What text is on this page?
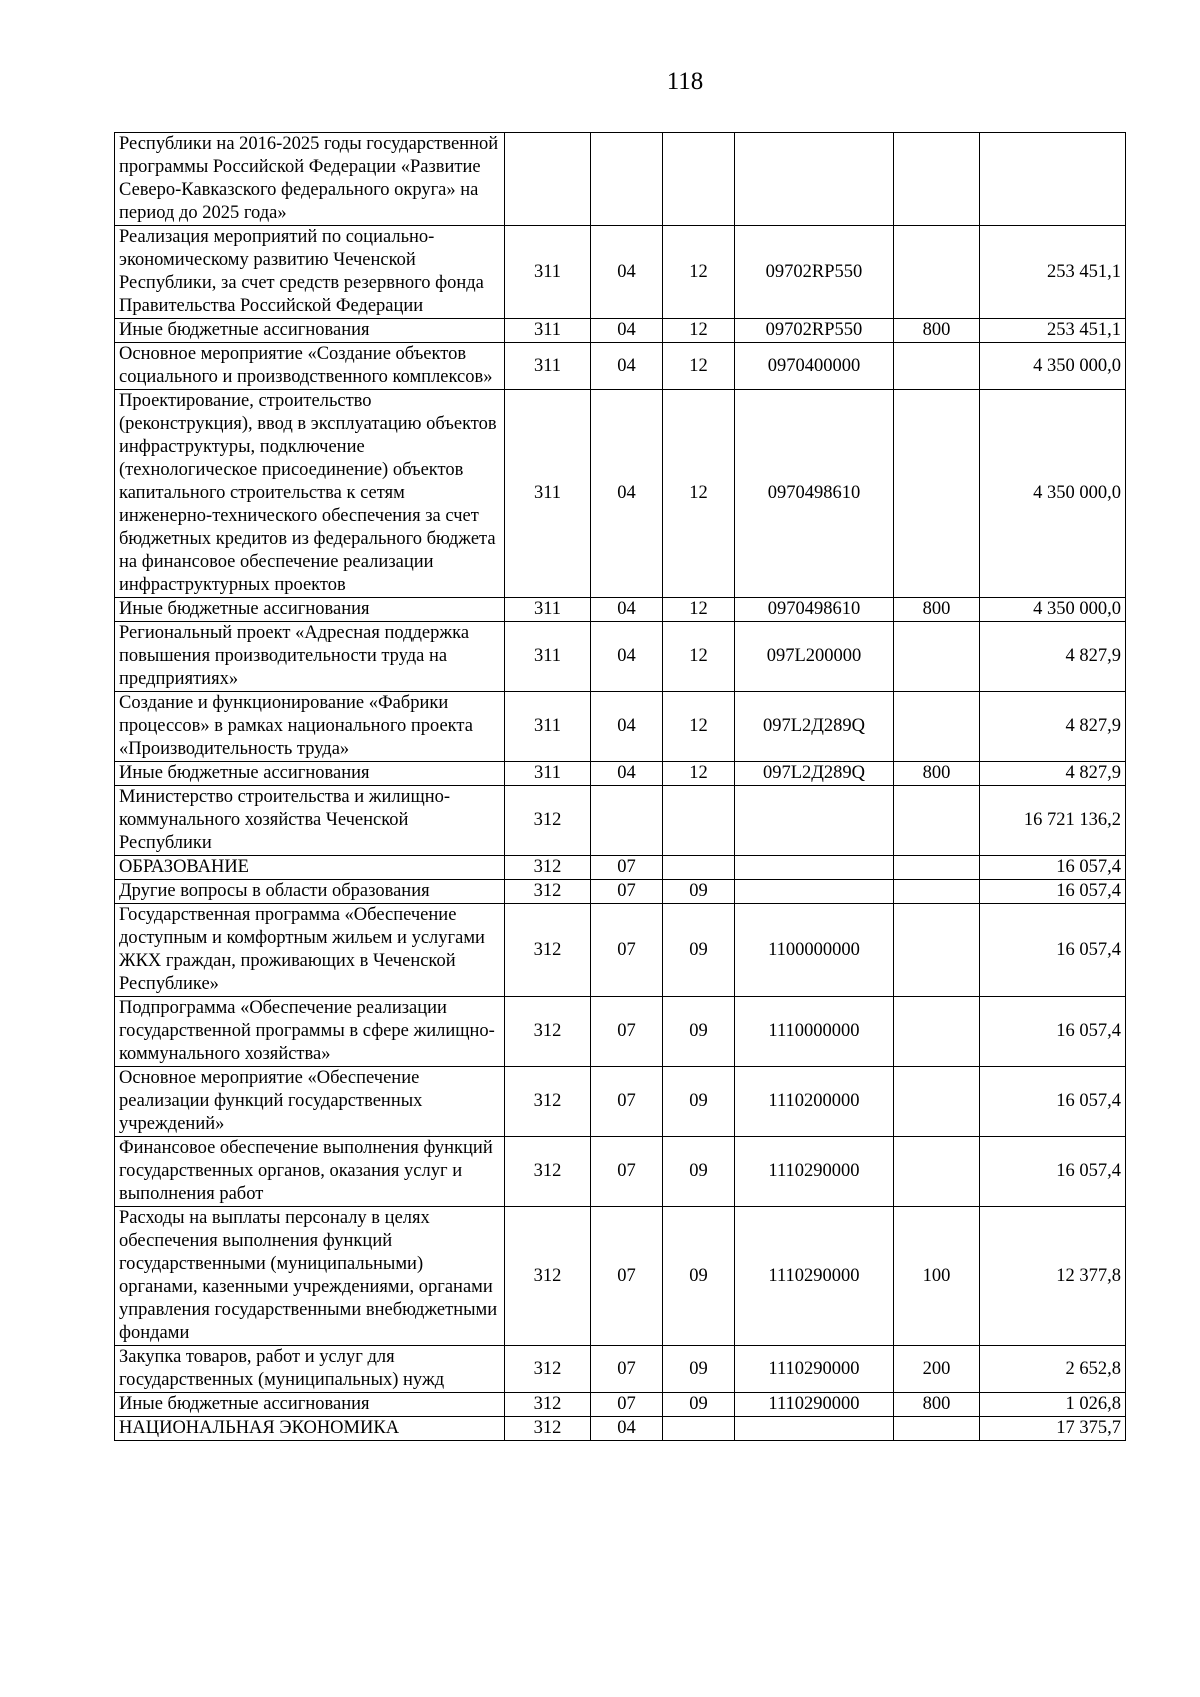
118
Республики на 2016-2025 годы государственной программы Российской Федерации «Развитие Северо-Кавказского федерального округа» на период до 2025 года»						
Реализация мероприятий по социально-экономическому развитию Чеченской Республики, за счет средств резервного фонда Правительства Российской Федерации	311	04	12	09702RP550		253 451,1
Иные бюджетные ассигнования	311	04	12	09702RP550	800	253 451,1
Основное мероприятие «Создание объектов социального и производственного комплексов»	311	04	12	0970400000		4 350 000,0
Проектирование, строительство (реконструкция), ввод в эксплуатацию объектов инфраструктуры, подключение (технологическое присоединение) объектов капитального строительства к сетям инженерно-технического обеспечения за счет бюджетных кредитов из федерального бюджета на финансовое обеспечение реализации инфраструктурных проектов	311	04	12	0970498610		4 350 000,0
Иные бюджетные ассигнования	311	04	12	0970498610	800	4 350 000,0
Региональный проект «Адресная поддержка повышения производительности труда на предприятиях»	311	04	12	097L200000		4 827,9
Создание и функционирование «Фабрики процессов» в рамках национального проекта «Производительность труда»	311	04	12	097L2Д289Q		4 827,9
Иные бюджетные ассигнования	311	04	12	097L2Д289Q	800	4 827,9
Министерство строительства и жилищно-коммунального хозяйства Чеченской Республики	312					16 721 136,2
ОБРАЗОВАНИЕ	312	07				16 057,4
Другие вопросы в области образования	312	07	09			16 057,4
Государственная программа «Обеспечение доступным и комфортным жильем и услугами ЖКХ граждан, проживающих в Чеченской Республике»	312	07	09	1100000000		16 057,4
Подпрограмма «Обеспечение реализации государственной программы в сфере жилищно-коммунального хозяйства»	312	07	09	1110000000		16 057,4
Основное мероприятие «Обеспечение реализации функций государственных учреждений»	312	07	09	1110200000		16 057,4
Финансовое обеспечение выполнения функций государственных органов, оказания услуг и выполнения работ	312	07	09	1110290000		16 057,4
Расходы на выплаты персоналу в целях обеспечения выполнения функций государственными (муниципальными) органами, казенными учреждениями, органами управления государственными внебюджетными фондами	312	07	09	1110290000	100	12 377,8
Закупка товаров, работ и услуг для государственных (муниципальных) нужд	312	07	09	1110290000	200	2 652,8
Иные бюджетные ассигнования	312	07	09	1110290000	800	1 026,8
НАЦИОНАЛЬНАЯ ЭКОНОМИКА	312	04				17 375,7
